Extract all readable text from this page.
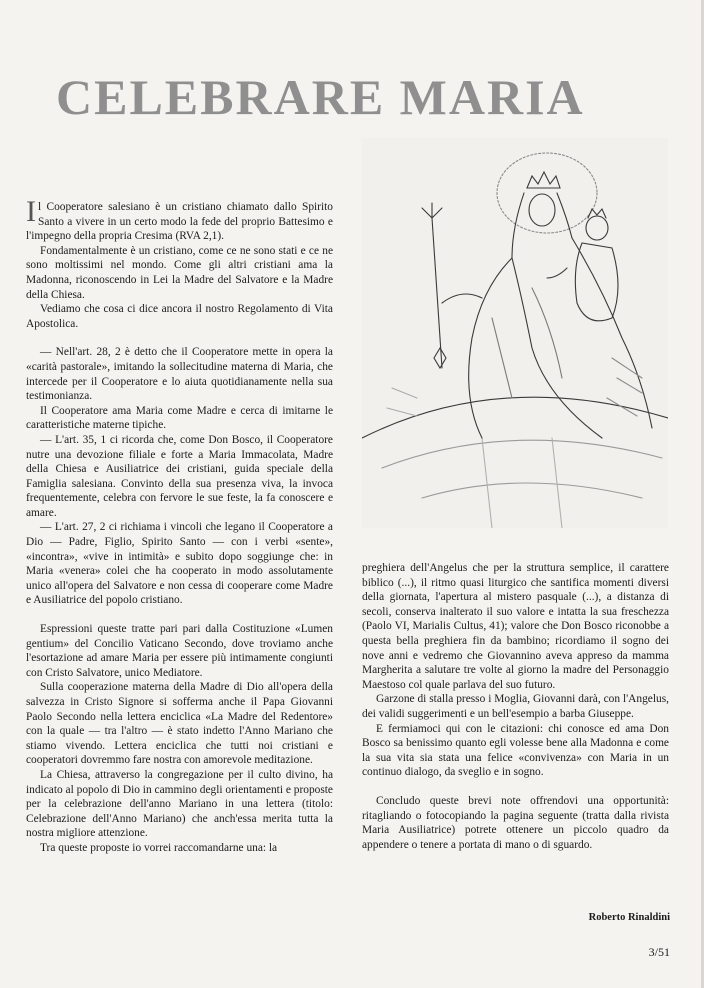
CELEBRARE MARIA

Il Cooperatore salesiano è un cristiano chiamato dallo Spirito Santo a vivere in un certo modo la fede del proprio Battesimo e l'impegno della propria Cresima (RVA 2,1).

Fondamentalmente è un cristiano, come ce ne sono stati e ce ne sono moltissimi nel mondo. Come gli altri cristiani ama la Madonna, riconoscendo in Lei la Madre del Salvatore e la Madre della Chiesa.

Vediamo che cosa ci dice ancora il nostro Regolamento di Vita Apostolica.

— Nell'art. 28, 2 è detto che il Cooperatore mette in opera la «carità pastorale», imitando la sollecitudine materna di Maria, che intercede per il Cooperatore e lo aiuta quotidianamente nella sua testimonianza.

Il Cooperatore ama Maria come Madre e cerca di imitarne le caratteristiche materne tipiche.

— L'art. 35, 1 ci ricorda che, come Don Bosco, il Cooperatore nutre una devozione filiale e forte a Maria Immacolata, Madre della Chiesa e Ausiliatrice dei cristiani, guida speciale della Famiglia salesiana. Convinto della sua presenza viva, la invoca frequentemente, celebra con fervore le sue feste, la fa conoscere e amare.

— L'art. 27, 2 ci richiama i vincoli che legano il Cooperatore a Dio — Padre, Figlio, Spirito Santo — con i verbi «sente», «incontra», «vive in intimità» e subito dopo soggiunge che: in Maria «venera» colei che ha cooperato in modo assolutamente unico all'opera del Salvatore e non cessa di cooperare come Madre e Ausiliatrice del popolo cristiano.

Espressioni queste tratte pari pari dalla Costituzione «Lumen gentium» del Concilio Vaticano Secondo, dove troviamo anche l'esortazione ad amare Maria per essere più intimamente congiunti con Cristo Salvatore, unico Mediatore.

Sulla cooperazione materna della Madre di Dio all'opera della salvezza in Cristo Signore si sofferma anche il Papa Giovanni Paolo Secondo nella lettera enciclica «La Madre del Redentore» con la quale — tra l'altro — è stato indetto l'Anno Mariano che stiamo vivendo. Lettera enciclica che tutti noi cristiani e cooperatori dovremmo fare nostra con amorevole meditazione.

La Chiesa, attraverso la congregazione per il culto divino, ha indicato al popolo di Dio in cammino degli orientamenti e proposte per la celebrazione dell'anno Mariano in una lettera (titolo: Celebrazione dell'Anno Mariano) che anch'essa merita tutta la nostra migliore attenzione.

Tra queste proposte io vorrei raccomandarne una: la

preghiera dell'Angelus che per la struttura semplice, il carattere biblico (...), il ritmo quasi liturgico che santifica momenti diversi della giornata, l'apertura al mistero pasquale (...), a distanza di secoli, conserva inalterato il suo valore e intatta la sua freschezza (Paolo VI, Marialis Cultus, 41); valore che Don Bosco riconobbe a questa bella preghiera fin da bambino; ricordiamo il sogno dei nove anni e vedremo che Giovannino aveva appreso da mamma Margherita a salutare tre volte al giorno la madre del Personaggio Maestoso col quale parlava del suo futuro.

Garzone di stalla presso i Moglia, Giovanni darà, con l'Angelus, dei validi suggerimenti e un bell'esempio a barba Giuseppe.

E fermiamoci qui con le citazioni: chi conosce ed ama Don Bosco sa benissimo quanto egli volesse bene alla Madonna e come la sua vita sia stata una felice «convivenza» con Maria in un continuo dialogo, da sveglio e in sogno.

Concludo queste brevi note offrendovi una opportunità: ritagliando o fotocopiando la pagina seguente (tratta dalla rivista Maria Ausiliatrice) potrete ottenere un piccolo quadro da appendere o tenere a portata di mano o di sguardo.

Roberto Rinaldini
3/51
